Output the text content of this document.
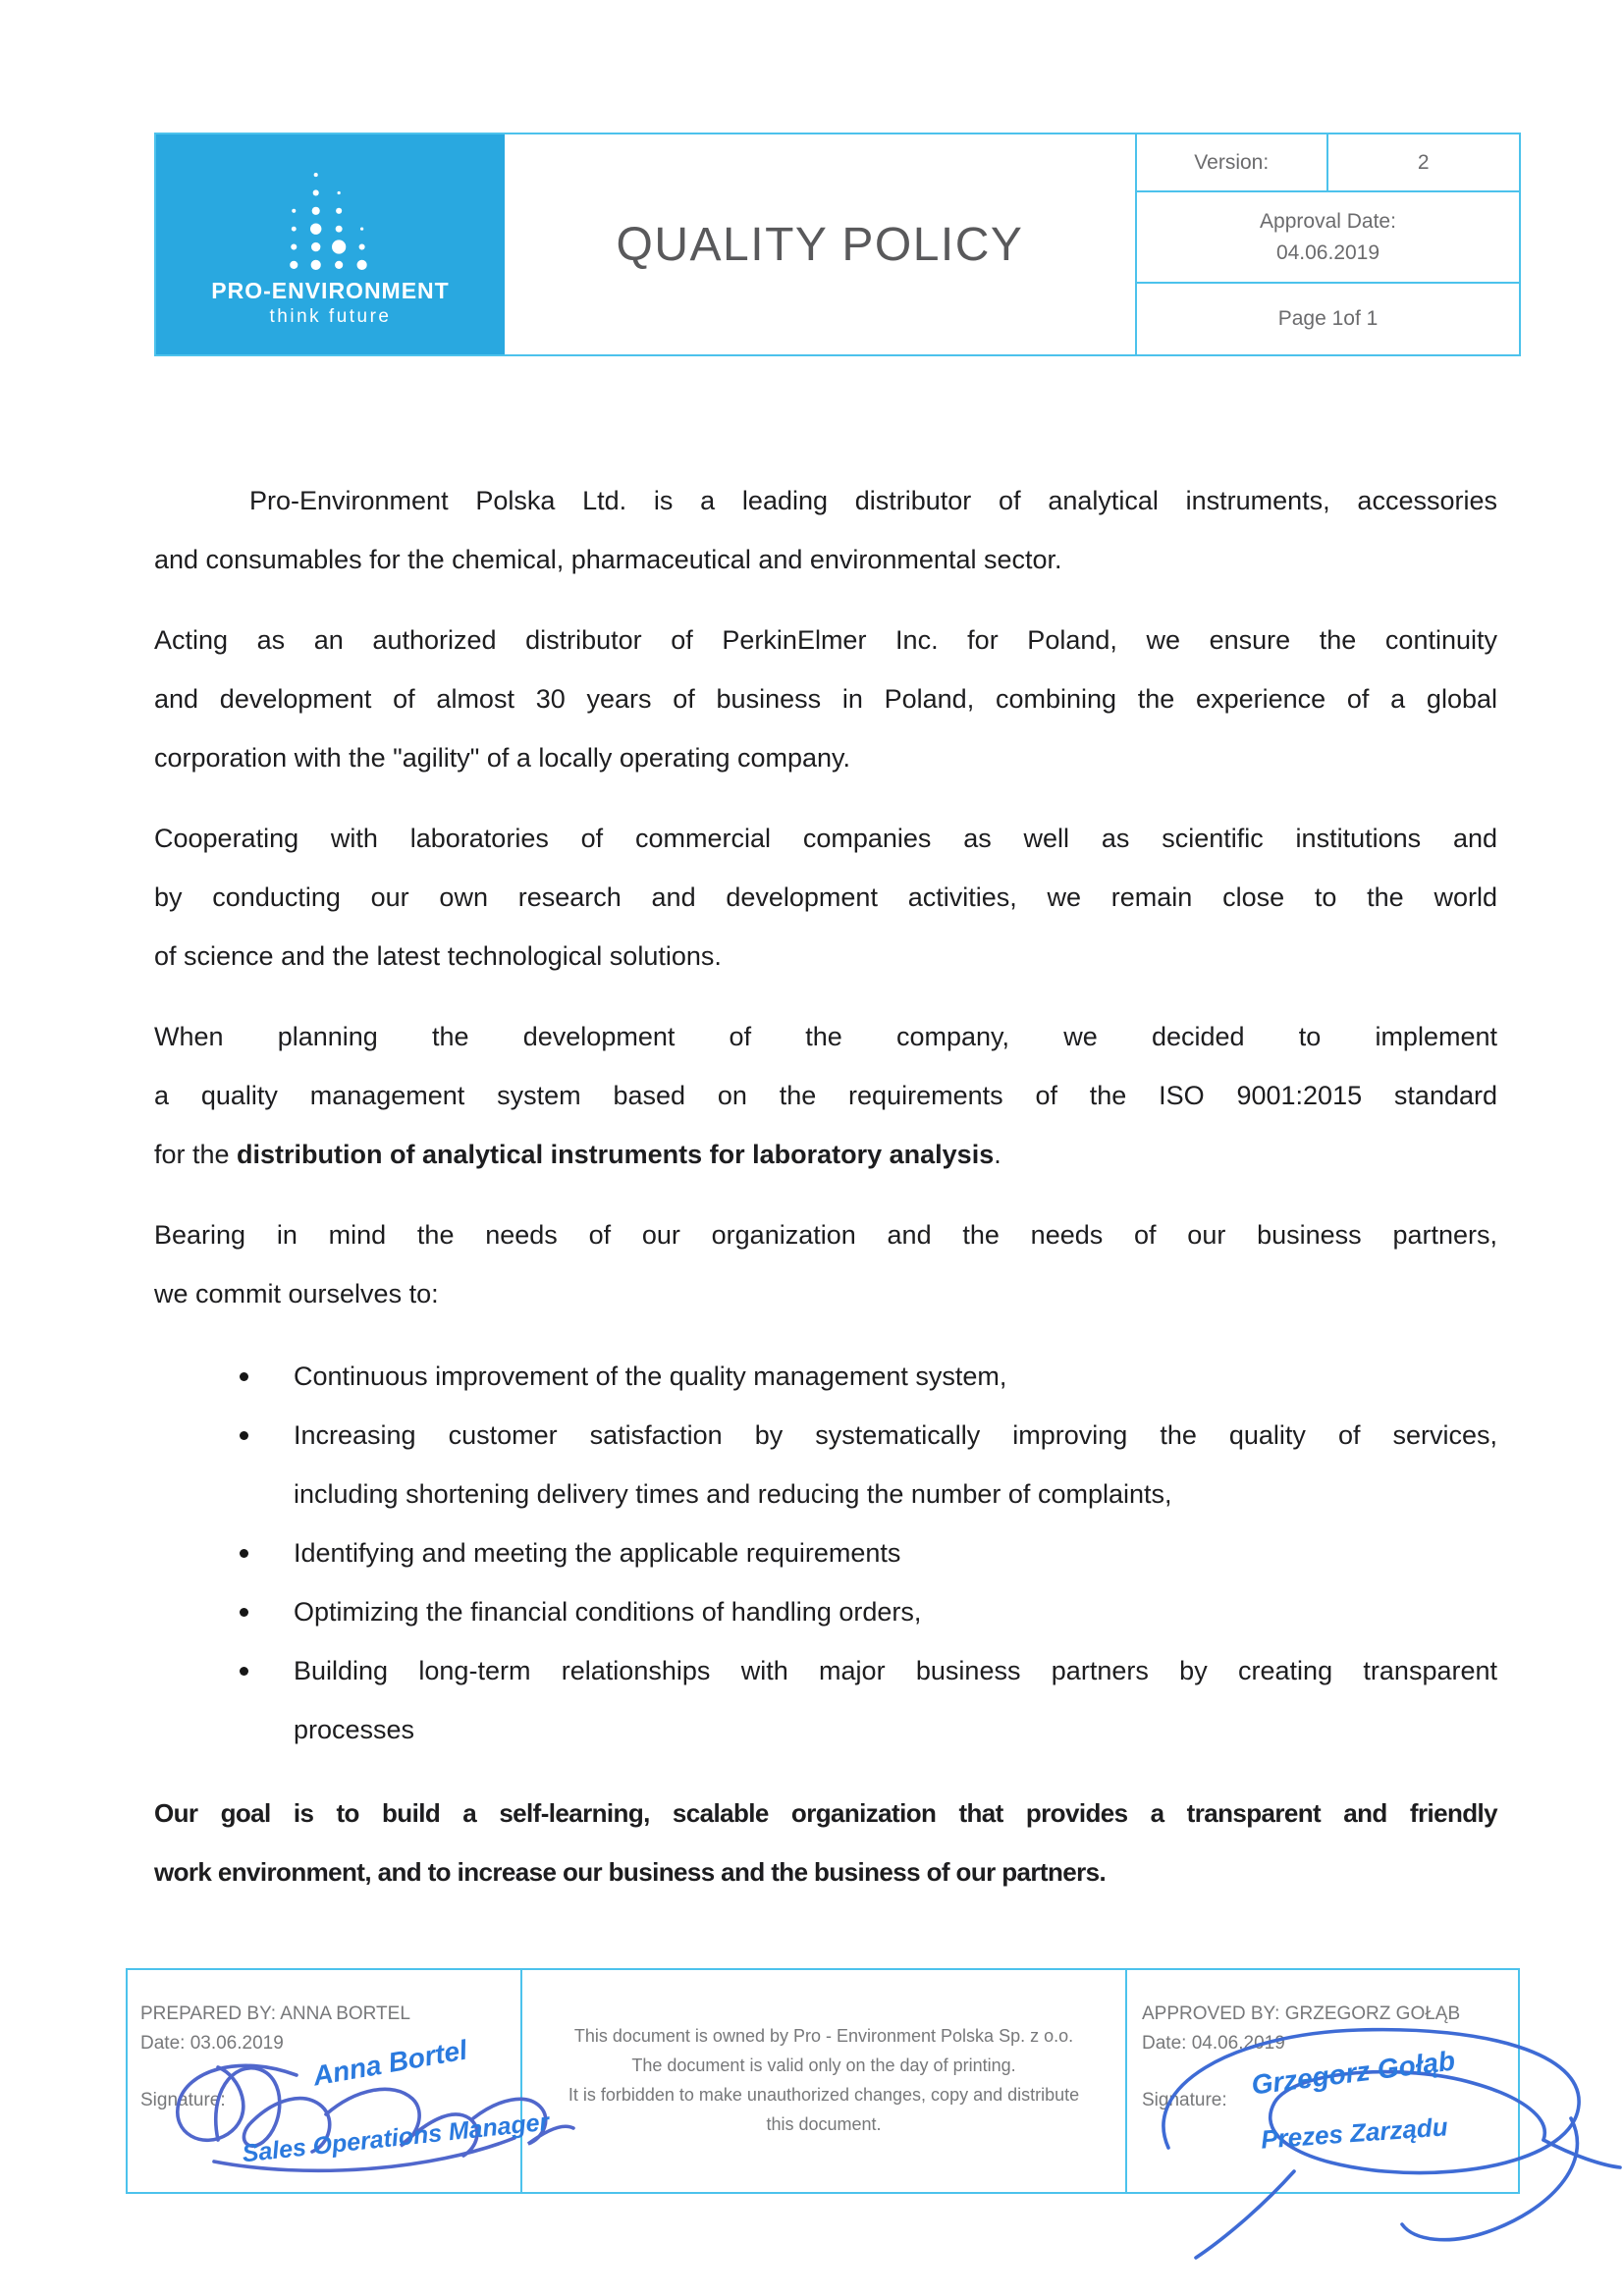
PRO-ENVIRONMENT
think future
QUALITY POLICY
Version:	2
Approval Date:
04.06.2019
Page 1of 1
Pro-Environment Polska Ltd. is a leading distributor of analytical instruments, accessories
and consumables for the chemical, pharmaceutical and environmental sector.
Acting as an authorized distributor of PerkinElmer Inc. for Poland, we ensure the continuity
and development of almost 30 years of business in Poland, combining the experience of a global
corporation with the "agility" of a locally operating company.
Cooperating with laboratories of commercial companies as well as scientific institutions and
by conducting our own research and development activities, we remain close to the world
of science and the latest technological solutions.
When planning the development of the company, we decided to implement
a quality management system based on the requirements of the ISO 9001:2015 standard
for the distribution of analytical instruments for laboratory analysis.
Bearing in mind the needs of our organization and the needs of our business partners,
we commit ourselves to:
Continuous improvement of the quality management system,
Increasing customer satisfaction by systematically improving the quality of services,
including shortening delivery times and reducing the number of complaints,
Identifying and meeting the applicable requirements
Optimizing the financial conditions of handling orders,
Building long-term relationships with major business partners by creating transparent
processes
Our goal is to build a self-learning, scalable organization that provides a transparent and friendly
work environment, and to increase our business and the business of our partners.
PREPARED BY: ANNA BORTEL
Date: 03.06.2019
Signature:
This document is owned by Pro - Environment Polska Sp. z o.o.
The document is valid only on the day of printing.
It is forbidden to make unauthorized changes, copy and distribute
this document.
APPROVED BY: GRZEGORZ GOŁĄB
Date: 04.06.2019
Signature:
Anna Bortel
Sales Operations Manager
Grzegorz Gołąb
Prezes Zarządu
